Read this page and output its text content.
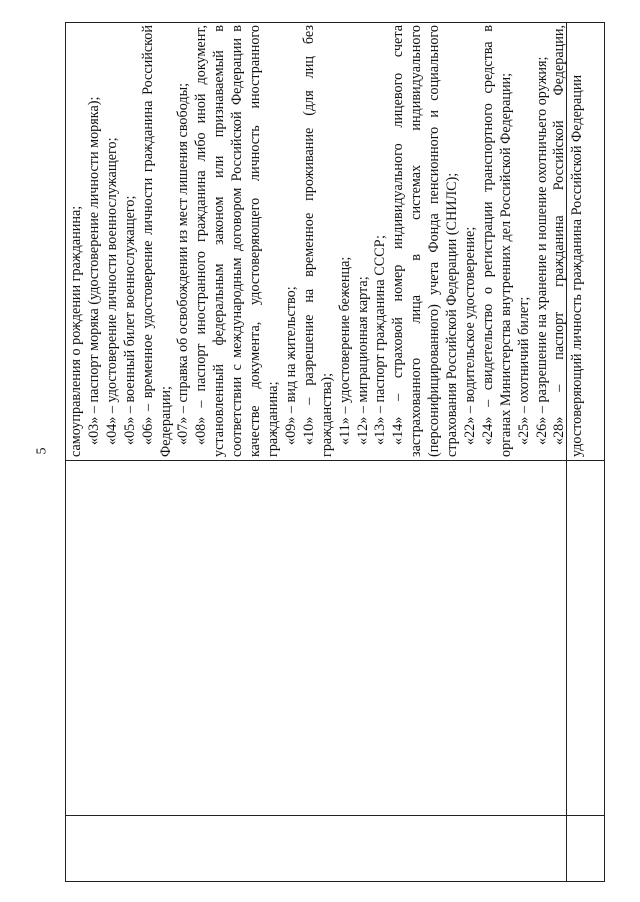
5 самоуправления о рождении гражданина; «03» – паспорт моряка (удостоверение личности моряка); «04» – удостоверение личности военнослужащего; «05» – военный билет военнослужащего; «06» – временное удостоверение личности гражданина Российской Федерации; «07» – справка об освобождении из мест лишения свободы; «08» – паспорт иностранного гражданина либо иной документ, установленный федеральным законом или признаваемый в соответствии с международным договором Российской Федерации в качестве документа, удостоверяющего личность иностранного гражданина; «09» – вид на жительство; «10» – разрешение на временное проживание (для лиц без гражданства); «11» – удостоверение беженца; «12» – миграционная карта; «13» – паспорт гражданина СССР; «14» – страховой номер индивидуального лицевого счета застрахованного лица в системах индивидуального (персонифицированного) учета Фонда пенсионного и социального страхования Российской Федерации (СНИЛС); «22» – водительское удостоверение; «24» – свидетельство о регистрации транспортного средства в органах Министерства внутренних дел Российской Федерации; «25» – охотничий билет; «26» – разрешение на хранение и ношение охотничьего оружия; «28» – паспорт гражданина Российской Федерации, удостоверяющий личность гражданина Российской Федерации
